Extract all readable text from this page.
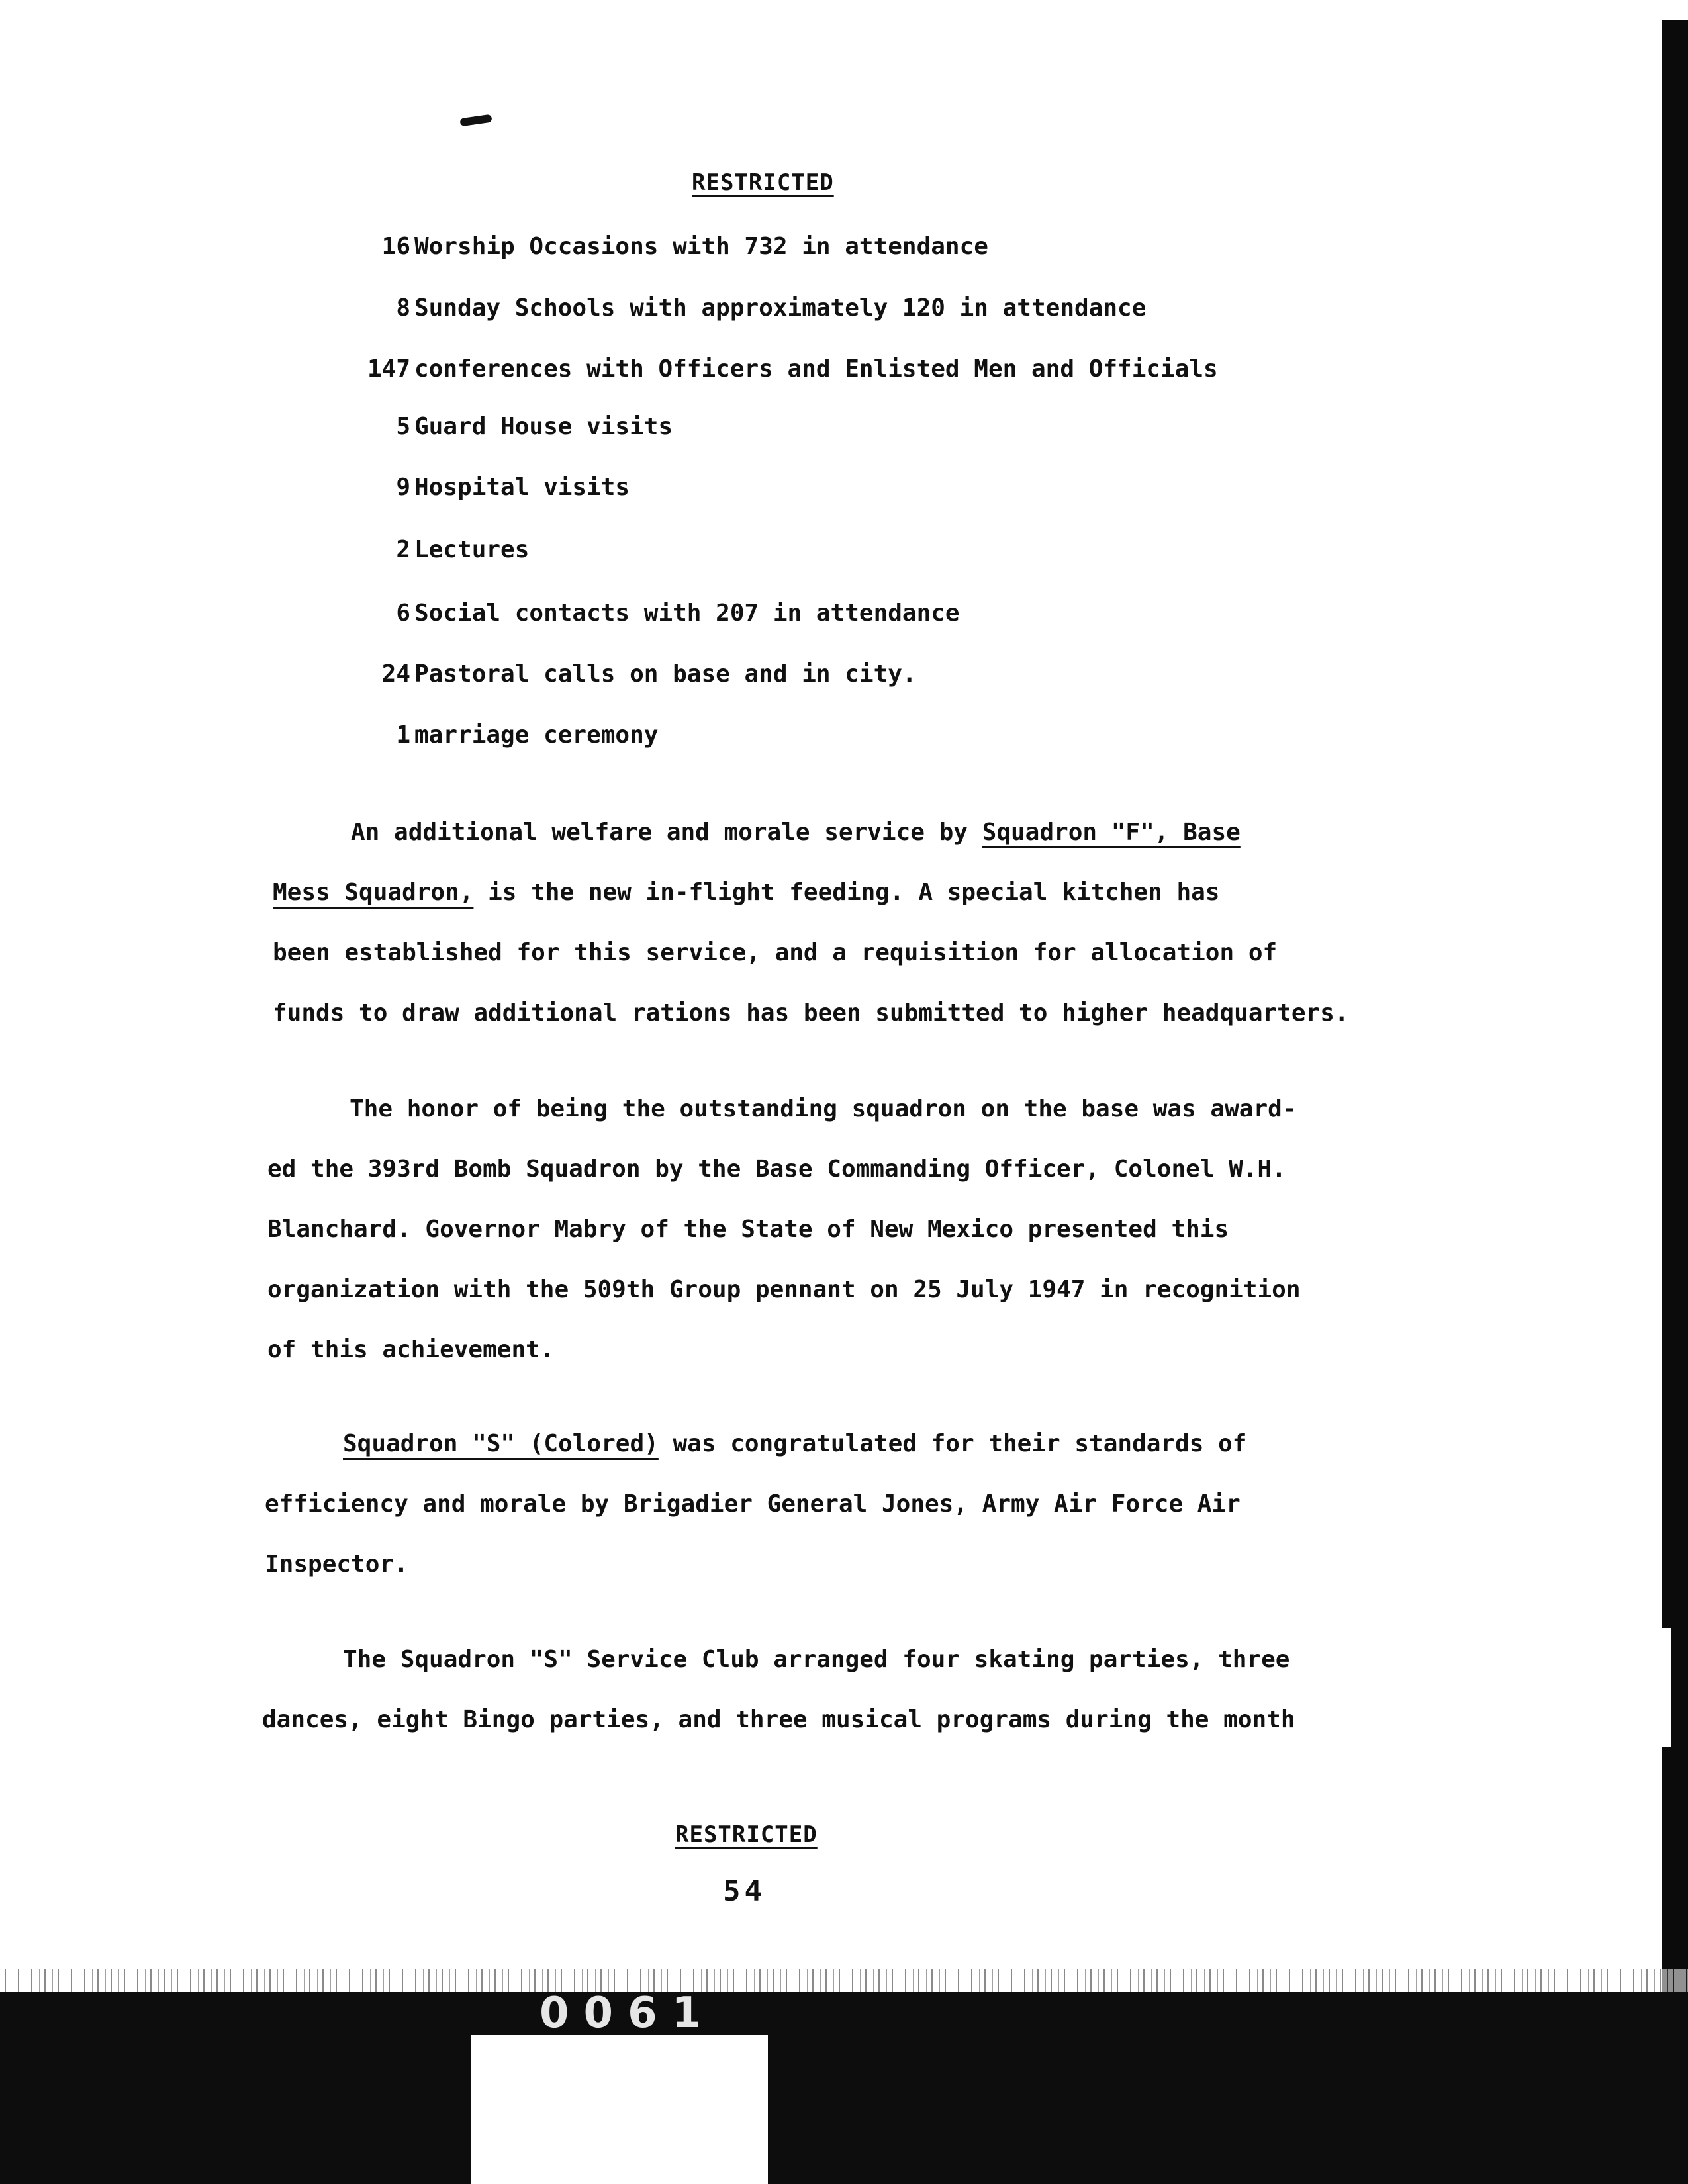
RESTRICTED
16 Worship Occasions with 732 in attendance
8 Sunday Schools with approximately 120 in attendance
147 conferences with Officers and Enlisted Men and Officials
5 Guard House visits
9 Hospital visits
2 Lectures
6 Social contacts with 207 in attendance
24 Pastoral calls on base and in city.
1 marriage ceremony
An additional welfare and morale service by Squadron "F", Base
Mess Squadron, is the new in-flight feeding. A special kitchen has
been established for this service, and a requisition for allocation of
funds to draw additional rations has been submitted to higher headquarters.
The honor of being the outstanding squadron on the base was award-
ed the 393rd Bomb Squadron by the Base Commanding Officer, Colonel W.H.
Blanchard. Governor Mabry of the State of New Mexico presented this
organization with the 509th Group pennant on 25 July 1947 in recognition
of this achievement.
Squadron "S" (Colored) was congratulated for their standards of
efficiency and morale by Brigadier General Jones, Army Air Force Air
Inspector.
The Squadron "S" Service Club arranged four skating parties, three
dances, eight Bingo parties, and three musical programs during the month
RESTRICTED
54
0061
